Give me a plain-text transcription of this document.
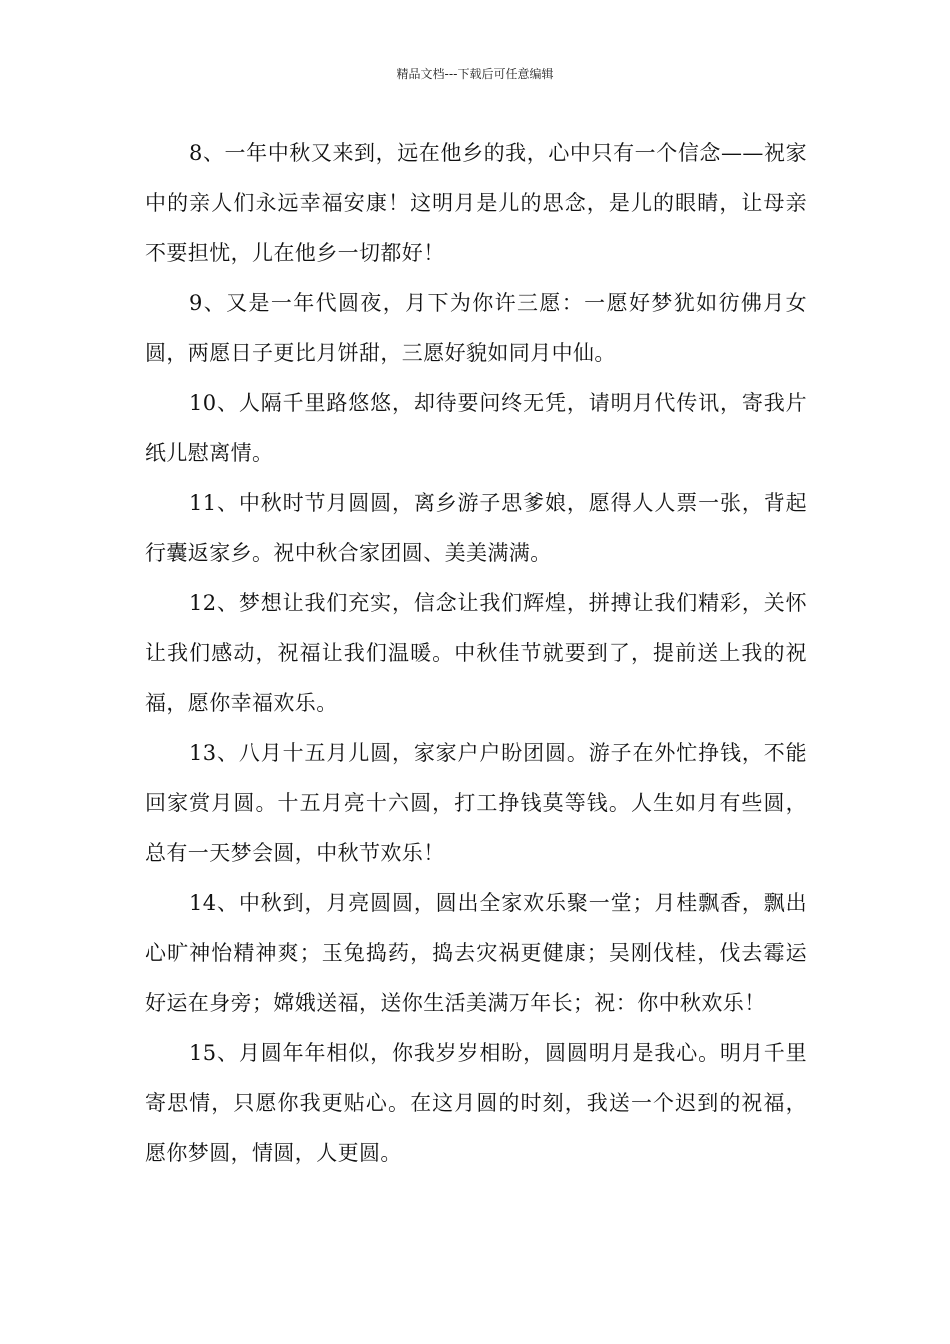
精品文档---下载后可任意编辑

8、一年中秋又来到，远在他乡的我，心中只有一个信念——祝家中的亲人们永远幸福安康！这明月是儿的思念，是儿的眼睛，让母亲不要担忧，儿在他乡一切都好！

9、又是一年代圆夜，月下为你许三愿：一愿好梦犹如彷佛月女圆，两愿日子更比月饼甜，三愿好貌如同月中仙。

10、人隔千里路悠悠，却待要问终无凭，请明月代传讯，寄我片纸儿慰离情。

11、中秋时节月圆圆，离乡游子思爹娘，愿得人人票一张，背起行囊返家乡。祝中秋合家团圆、美美满满。

12、梦想让我们充实，信念让我们辉煌，拼搏让我们精彩，关怀让我们感动，祝福让我们温暖。中秋佳节就要到了，提前送上我的祝福，愿你幸福欢乐。

13、八月十五月儿圆，家家户户盼团圆。游子在外忙挣钱，不能回家赏月圆。十五月亮十六圆，打工挣钱莫等钱。人生如月有些圆，总有一天梦会圆，中秋节欢乐！

14、中秋到，月亮圆圆，圆出全家欢乐聚一堂；月桂飘香，飘出心旷神怡精神爽；玉兔捣药，捣去灾祸更健康；吴刚伐桂，伐去霉运好运在身旁；嫦娥送福，送你生活美满万年长；祝：你中秋欢乐！

15、月圆年年相似，你我岁岁相盼，圆圆明月是我心。明月千里寄思情，只愿你我更贴心。在这月圆的时刻，我送一个迟到的祝福，愿你梦圆，情圆，人更圆。
